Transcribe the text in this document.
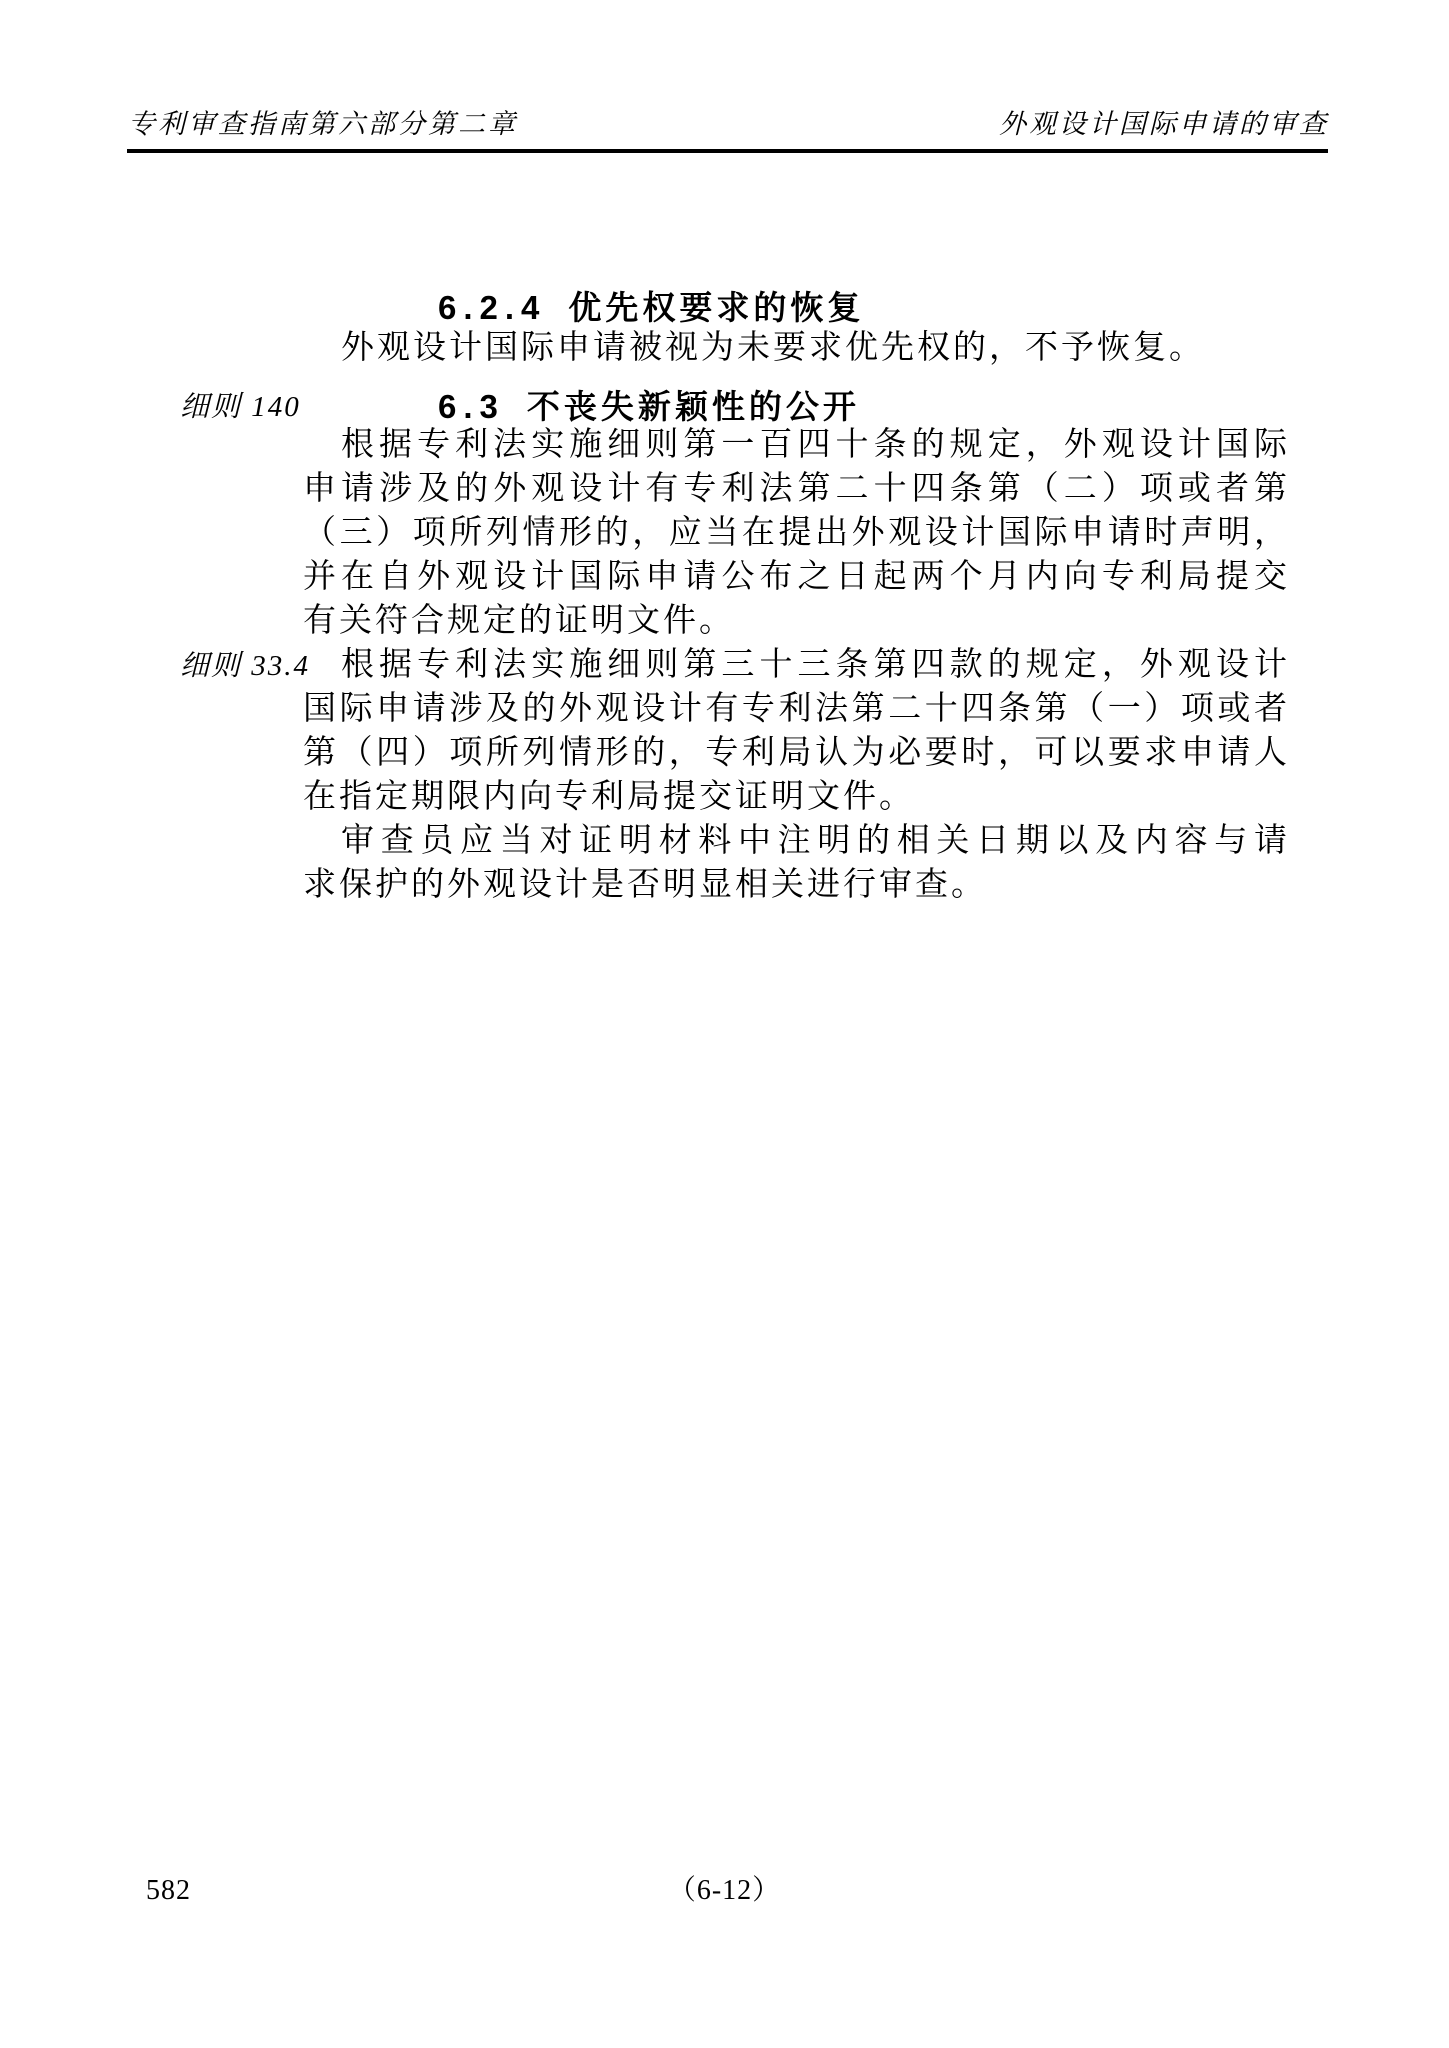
专利审查指南第六部分第二章	外观设计国际申请的审查
6.2.4 优先权要求的恢复
外观设计国际申请被视为未要求优先权的，不予恢复。
细则 140	6.3 不丧失新颖性的公开
细则 33.4
根据专利法实施细则第一百四十条的规定，外观设计国际
申请涉及的外观设计有专利法第二十四条第（二）项或者第
（三）项所列情形的，应当在提出外观设计国际申请时声明，
并在自外观设计国际申请公布之日起两个月内向专利局提交
有关符合规定的证明文件。
根据专利法实施细则第三十三条第四款的规定，外观设计
国际申请涉及的外观设计有专利法第二十四条第（一）项或者
第（四）项所列情形的，专利局认为必要时，可以要求申请人
在指定期限内向专利局提交证明文件。
审查员应当对证明材料中注明的相关日期以及内容与请
求保护的外观设计是否明显相关进行审查。
582	（6-12）
